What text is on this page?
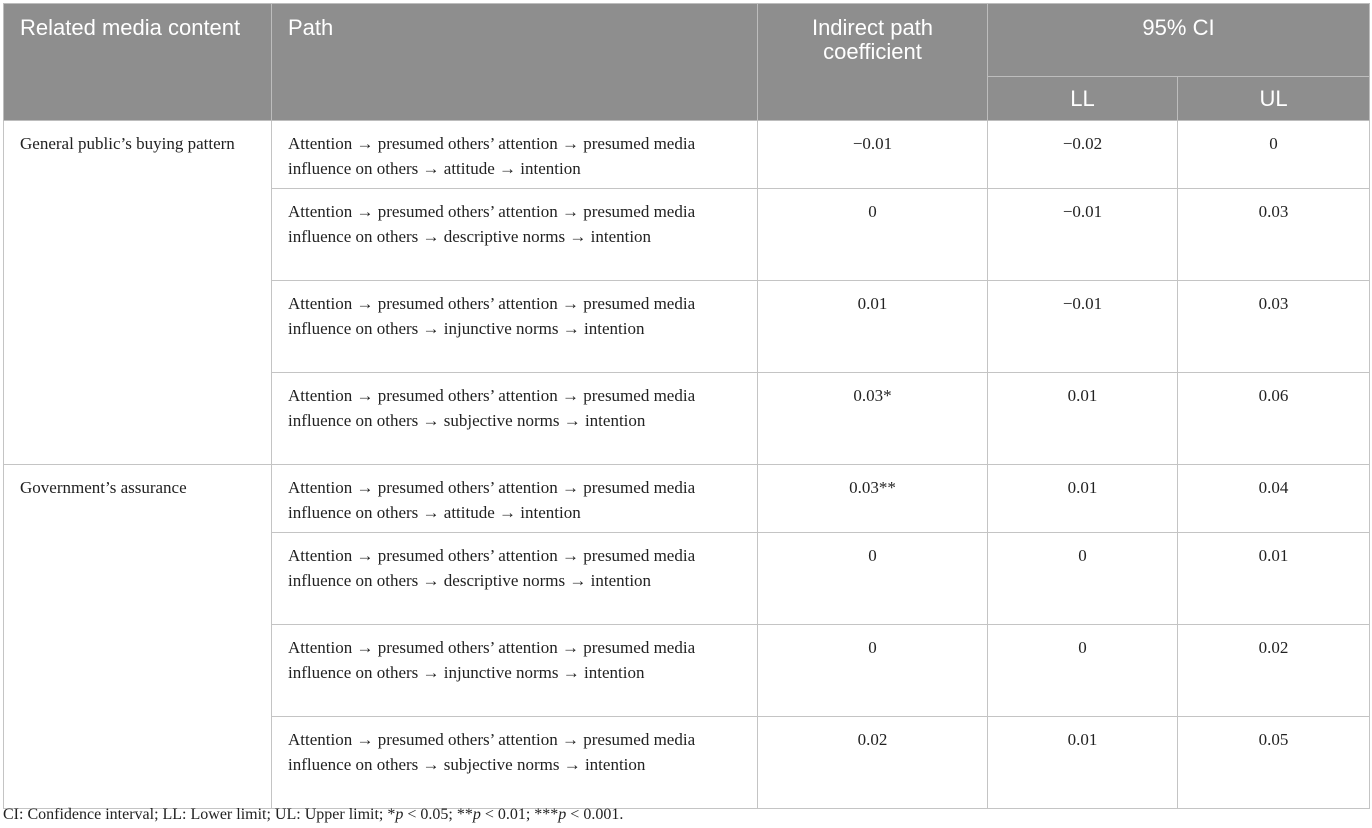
Related media content	Path	Indirect path coefficient	95% CI	
			LL	UL
General public’s buying pattern	Attention → presumed others’ attention → presumed media influence on others → attitude → intention	−0.01	−0.02	0
	Attention → presumed others’ attention → presumed media influence on others → descriptive norms → intention	0	−0.01	0.03
	Attention → presumed others’ attention → presumed media influence on others → injunctive norms → intention	0.01	−0.01	0.03
	Attention → presumed others’ attention → presumed media influence on others → subjective norms → intention	0.03*	0.01	0.06
Government’s assurance	Attention → presumed others’ attention → presumed media influence on others → attitude → intention	0.03**	0.01	0.04
	Attention → presumed others’ attention → presumed media influence on others → descriptive norms → intention	0	0	0.01
	Attention → presumed others’ attention → presumed media influence on others → injunctive norms → intention	0	0	0.02
	Attention → presumed others’ attention → presumed media influence on others → subjective norms → intention	0.02	0.01	0.05
CI: Confidence interval; LL: Lower limit; UL: Upper limit; *p < 0.05; **p < 0.01; ***p < 0.001.
